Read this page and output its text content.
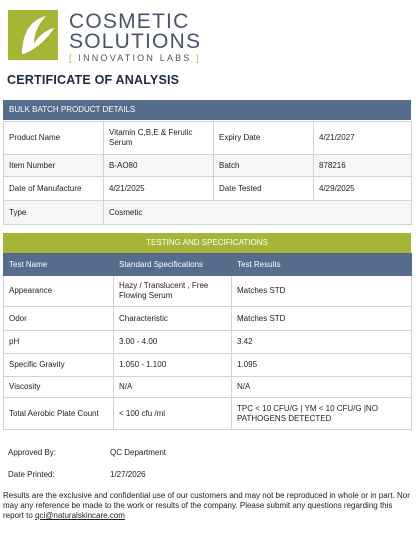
COSMETIC
SOLUTIONS
[ INNOVATION LABS ]
CERTIFICATE OF ANALYSIS
BULK BATCH PRODUCT DETAILS
Product Name	Vitamin C,B,E & Ferulic Serum	Expiry Date	4/21/2027
Item Number	B-AO80	Batch	878216
Date of Manufacture	4/21/2025	Date Tested	4/29/2025
Type	Cosmetic		
TESTING AND SPECIFICATIONS
Test Name	Standard Specifications	Test Results
Appearance	Hazy / Translucent , Free Flowing Serum	Matches STD
Odor	Characteristic	Matches STD
pH	3.00 - 4.00	3.42
Specific Gravity	1.050 - 1.100	1.095
Viscosity	N/A	N/A
Total Aerobic Plate Count	< 100 cfu /ml	TPC < 10 CFU/G | YM < 10 CFU/G |NO PATHOGENS DETECTED
Approved By:	QC Department
Date Printed:	1/27/2026
Results are the exclusive and confidential use of our customers and may not be reproduced in whole or in part. Nor may any reference be made to the work or results of the company. Please submit any questions regarding this report to qci@naturalskincare.com
